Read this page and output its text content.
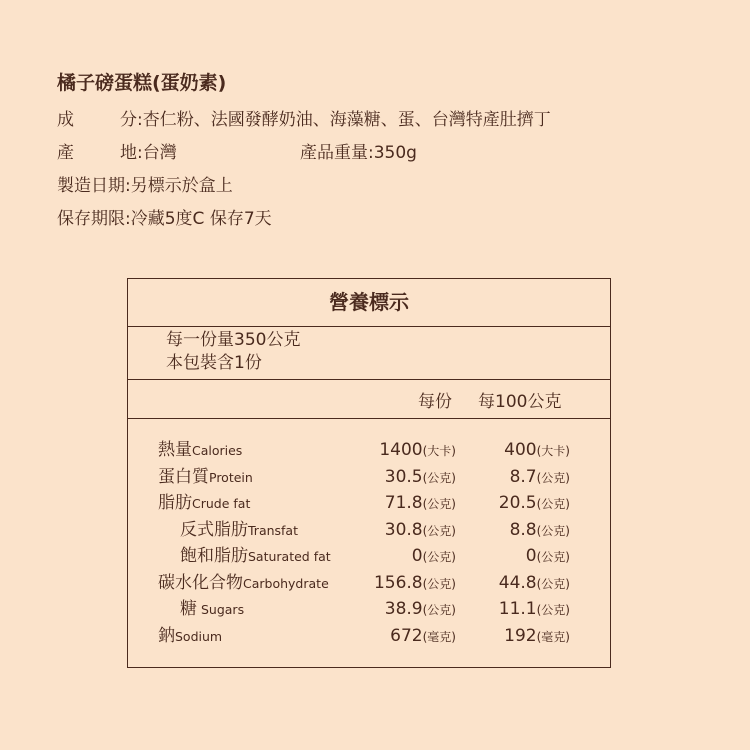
橘子磅蛋糕(蛋奶素)
成	分 :杏仁粉、法國發酵奶油、海藻糖、蛋、台灣特產肚擠丁
產	地 :台灣	產品重量:350g
製造日期:另標示於盒上
保存期限:冷藏5度C 保存7天
營養標示
每一份量350公克
本包裝含1份
每份 每100公克
熱量Calories	1400(大卡)	400(大卡)
蛋白質Protein	30.5(公克)	8.7(公克)
脂肪Crude fat	71.8(公克)	20.5(公克)
反式脂肪Transfat	30.8(公克)	8.8(公克)
飽和脂肪Saturated fat	0(公克)	0(公克)
碳水化合物Carbohydrate	156.8(公克)	44.8(公克)
糖 Sugars	38.9(公克)	11.1(公克)
鈉Sodium	672(毫克)	192(毫克)
